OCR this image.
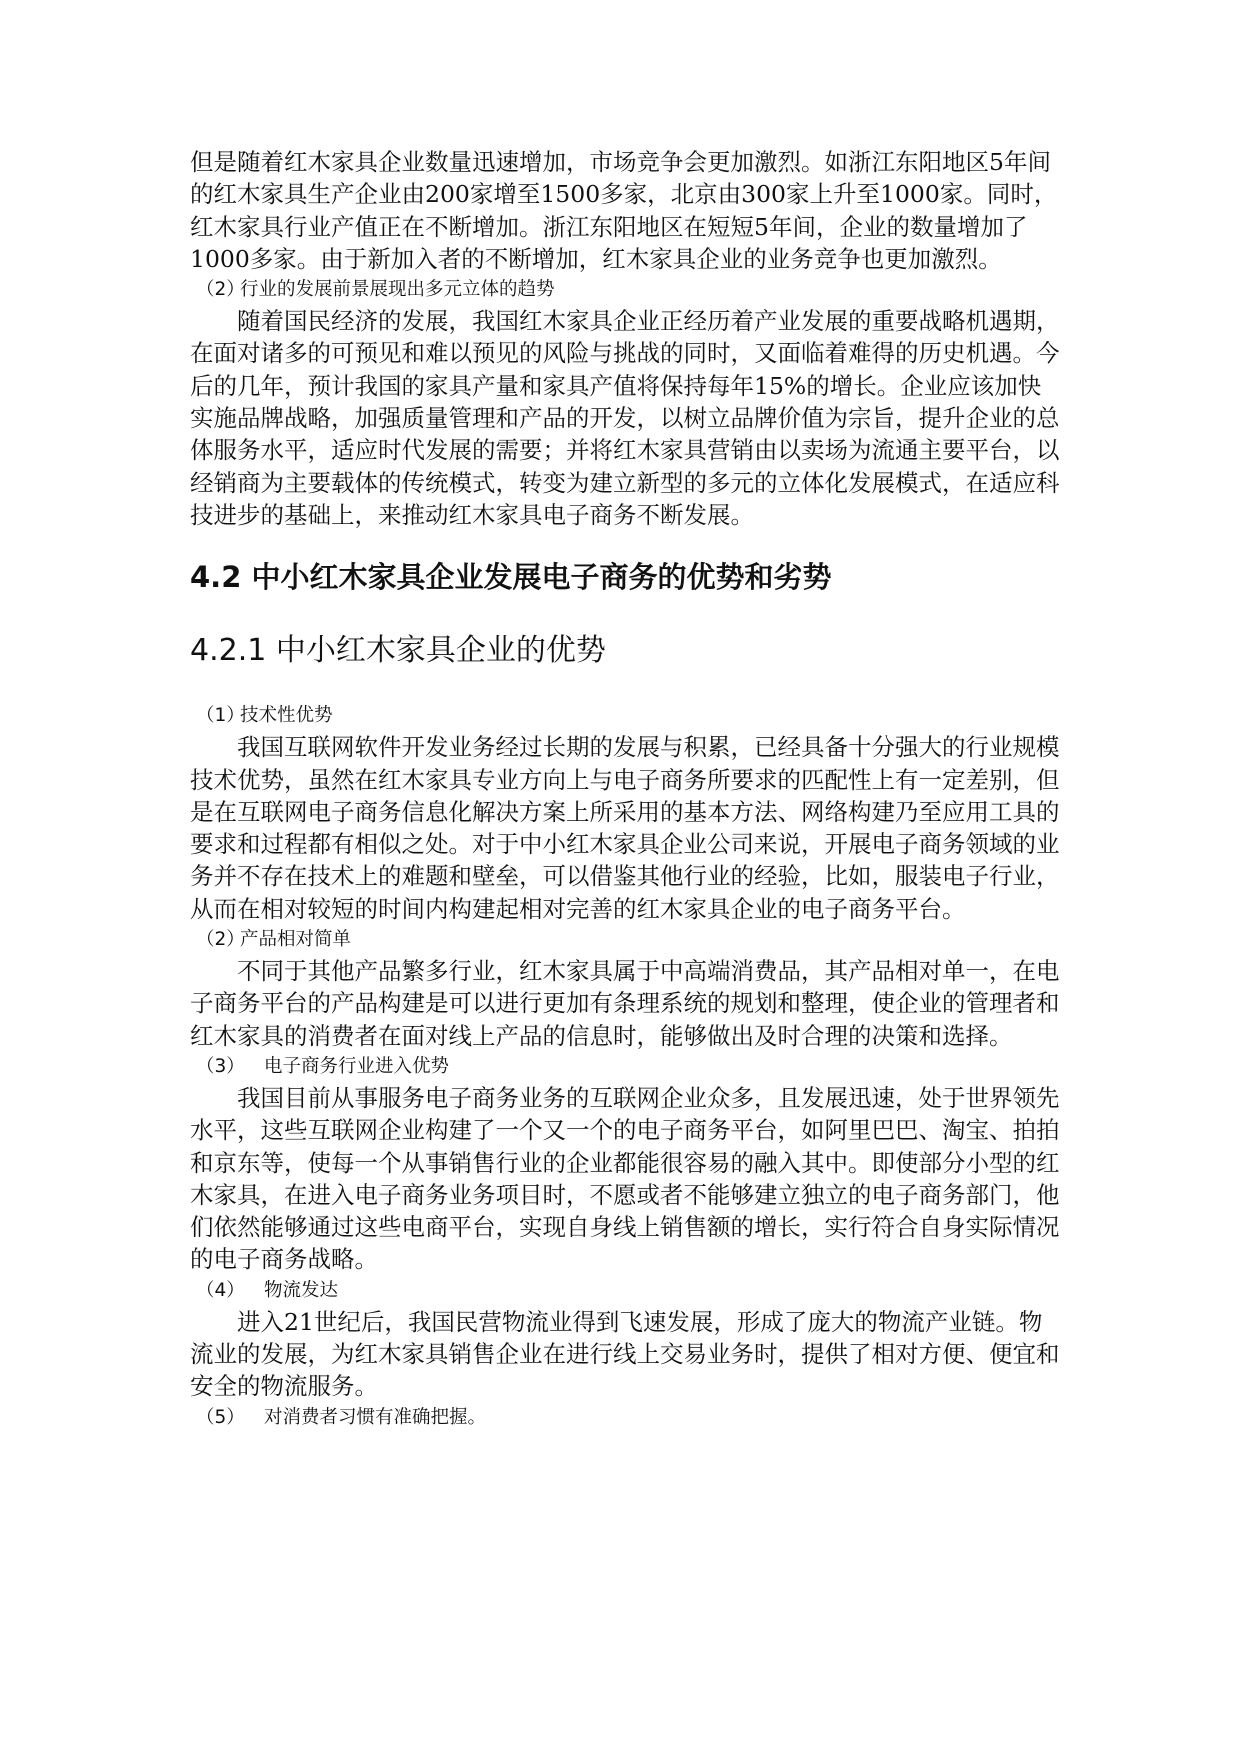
但是随着红木家具企业数量迅速增加，市场竞争会更加激烈。如浙江东阳地区5年间的红木家具生产企业由200家增至1500多家，北京由300家上升至1000家。同时，红木家具行业产值正在不断增加。浙江东阳地区在短短5年间，企业的数量增加了1000多家。由于新加入者的不断增加，红木家具企业的业务竞争也更加激烈。

（2）行业的发展前景展现出多元立体的趋势

随着国民经济的发展，我国红木家具企业正经历着产业发展的重要战略机遇期，在面对诸多的可预见和难以预见的风险与挑战的同时，又面临着难得的历史机遇。今后的几年，预计我国的家具产量和家具产值将保持每年15%的增长。企业应该加快实施品牌战略，加强质量管理和产品的开发，以树立品牌价值为宗旨，提升企业的总体服务水平，适应时代发展的需要；并将红木家具营销由以卖场为流通主要平台，以经销商为主要载体的传统模式，转变为建立新型的多元的立体化发展模式，在适应科技进步的基础上，来推动红木家具电子商务不断发展。

4.2 中小红木家具企业发展电子商务的优势和劣势
4.2.1 中小红木家具企业的优势

（1）技术性优势

我国互联网软件开发业务经过长期的发展与积累，已经具备十分强大的行业规模技术优势，虽然在红木家具专业方向上与电子商务所要求的匹配性上有一定差别，但是在互联网电子商务信息化解决方案上所采用的基本方法、网络构建乃至应用工具的要求和过程都有相似之处。对于中小红木家具企业公司来说，开展电子商务领域的业务并不存在技术上的难题和壁垒，可以借鉴其他行业的经验，比如，服装电子行业，从而在相对较短的时间内构建起相对完善的红木家具企业的电子商务平台。

（2）产品相对简单

不同于其他产品繁多行业，红木家具属于中高端消费品，其产品相对单一，在电子商务平台的产品构建是可以进行更加有条理系统的规划和整理，使企业的管理者和红木家具的消费者在面对线上产品的信息时，能够做出及时合理的决策和选择。

（3） 电子商务行业进入优势

我国目前从事服务电子商务业务的互联网企业众多，且发展迅速，处于世界领先水平，这些互联网企业构建了一个又一个的电子商务平台，如阿里巴巴、淘宝、拍拍和京东等，使每一个从事销售行业的企业都能很容易的融入其中。即使部分小型的红木家具，在进入电子商务业务项目时，不愿或者不能够建立独立的电子商务部门，他们依然能够通过这些电商平台，实现自身线上销售额的增长，实行符合自身实际情况的电子商务战略。

（4） 物流发达

进入21世纪后，我国民营物流业得到飞速发展，形成了庞大的物流产业链。物流业的发展，为红木家具销售企业在进行线上交易业务时，提供了相对方便、便宜和安全的物流服务。

（5） 对消费者习惯有准确把握。
